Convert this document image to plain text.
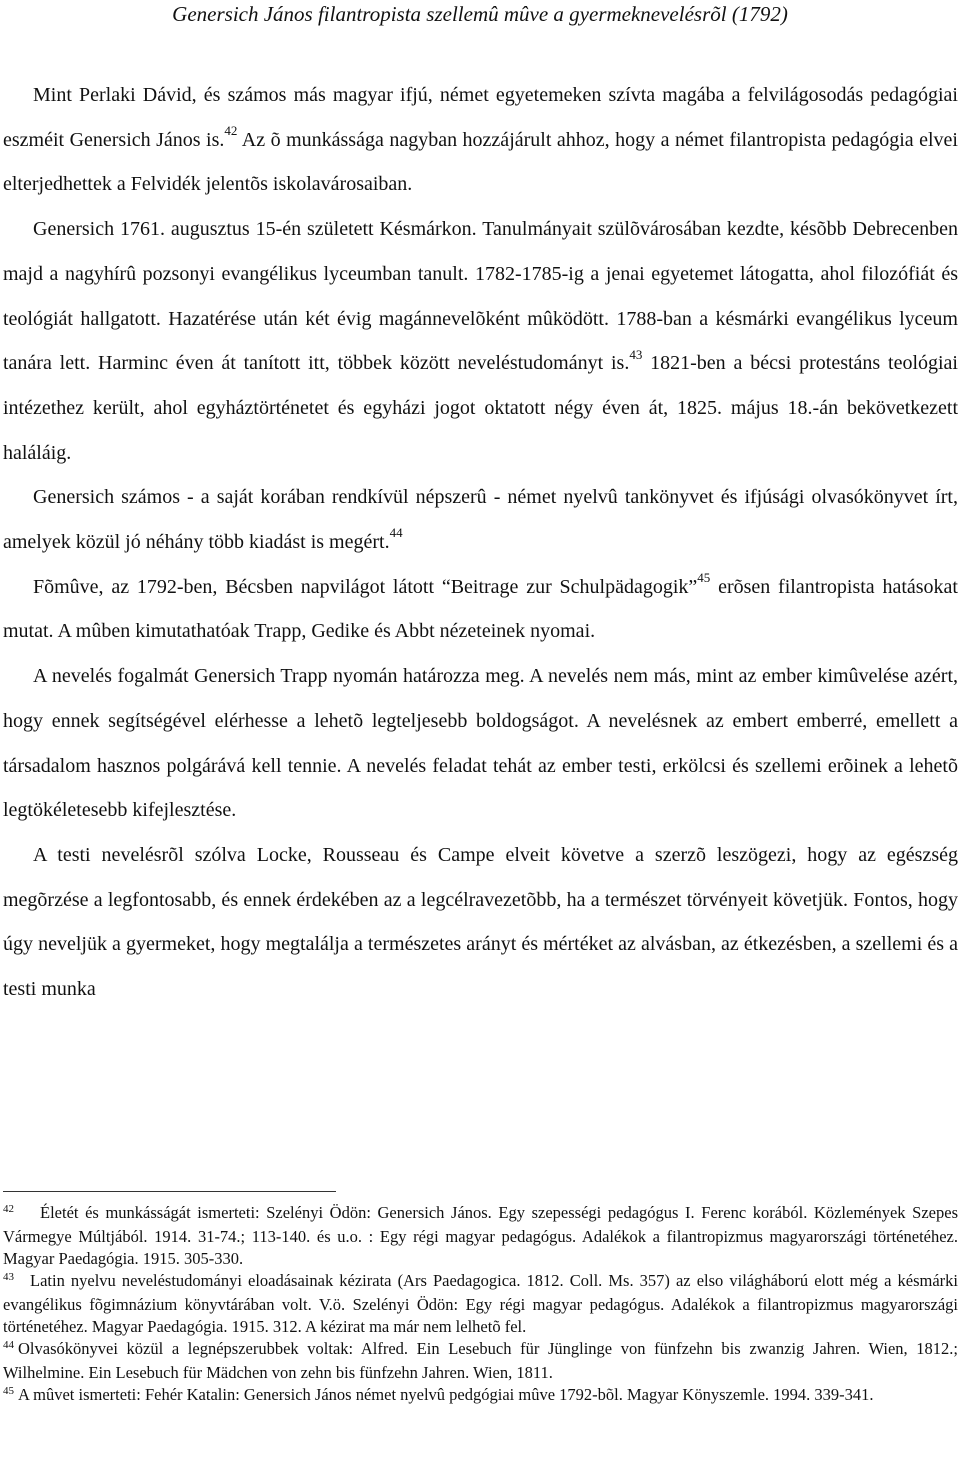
Genersich János filantropista szellemû mûve a gyermeknevelésrõl (1792)

Mint Perlaki Dávid, és számos más magyar ifjú, német egyetemeken szívta magába a felvilágosodás pedagógiai eszméit Genersich János is.$^{42}$ Az õ munkássága nagyban hozzájárult ahhoz, hogy a német filantropista pedagógia elvei elterjedhettek a Felvidék jelentõs iskolavárosaiban.

Genersich 1761. augusztus 15-én született Késmárkon. Tanulmányait szülõvárosában kezdte, késõbb Debrecenben majd a nagyhírû pozsonyi evangélikus lyceumban tanult. 1782-1785-ig a jenai egyetemet látogatta, ahol filozófiát és teológiát hallgatott. Hazatérése után két évig magánnevelõként mûködött. 1788-ban a késmárki evangélikus lyceum tanára lett. Harminc éven át tanított itt, többek között neveléstudományt is.$^{43}$ 1821-ben a bécsi protestáns teológiai intézethez került, ahol egyháztörténetet és egyházi jogot oktatott négy éven át, 1825. május 18.-án bekövetkezett haláláig.

Genersich számos - a saját korában rendkívül népszerû - német nyelvû tankönyvet és ifjúsági olvasókönyvet írt, amelyek közül jó néhány több kiadást is megért.$^{44}$

Fõmûve, az 1792-ben, Bécsben napvilágot látott “Beitrage zur Schulpädagogik”$^{45}$ erõsen filantropista hatásokat mutat. A mûben kimutathatóak Trapp, Gedike és Abbt nézeteinek nyomai.

A nevelés fogalmát Genersich Trapp nyomán határozza meg. A nevelés nem más, mint az ember kimûvelése azért, hogy ennek segítségével elérhesse a lehetõ legteljesebb boldogságot. A nevelésnek az embert emberré, emellett a társadalom hasznos polgárává kell tennie. A nevelés feladat tehát az ember testi, erkölcsi és szellemi erõinek a lehetõ legtökéletesebb kifejlesztése.

A testi nevelésrõl szólva Locke, Rousseau és Campe elveit követve a szerzõ leszögezi, hogy az egészség megõrzése a legfontosabb, és ennek érdekében az a legcélravezetõbb, ha a természet törvényeit követjük. Fontos, hogy úgy neveljük a gyermeket, hogy megtalálja a természetes arányt és mértéket az alvásban, az étkezésben, a szellemi és a testi munka

$^{42}$ Életét és munkásságát ismerteti: Szelényi Ödön: Genersich János. Egy szepességi pedagógus I. Ferenc korából. Közlemények Szepes Vármegye Múltjából. 1914. 31-74.; 113-140. és u.o. : Egy régi magyar pedagógus. Adalékok a filantropizmus magyarországi történetéhez. Magyar Paedagógia. 1915. 305-330.

$^{43}$ Latin nyelvu neveléstudományi eloadásainak kézirata (Ars Paedagogica. 1812. Coll. Ms. 357) az elso világháború elott még a késmárki evangélikus fõgimnázium könyvtárában volt. V.ö. Szelényi Ödön: Egy régi magyar pedagógus. Adalékok a filantropizmus magyarországi történetéhez. Magyar Paedagógia. 1915. 312. A kézirat ma már nem lelhetõ fel.

$^{44}$ Olvasókönyvei közül a legnépszerubbek voltak: Alfred. Ein Lesebuch für Jünglinge von fünfzehn bis zwanzig Jahren. Wien, 1812.; Wilhelmine. Ein Lesebuch für Mädchen von zehn bis fünfzehn Jahren. Wien, 1811.

$^{45}$ A mûvet ismerteti: Fehér Katalin: Genersich János német nyelvû pedgógiai mûve 1792-bõl. Magyar Könyszemle. 1994. 339-341.
